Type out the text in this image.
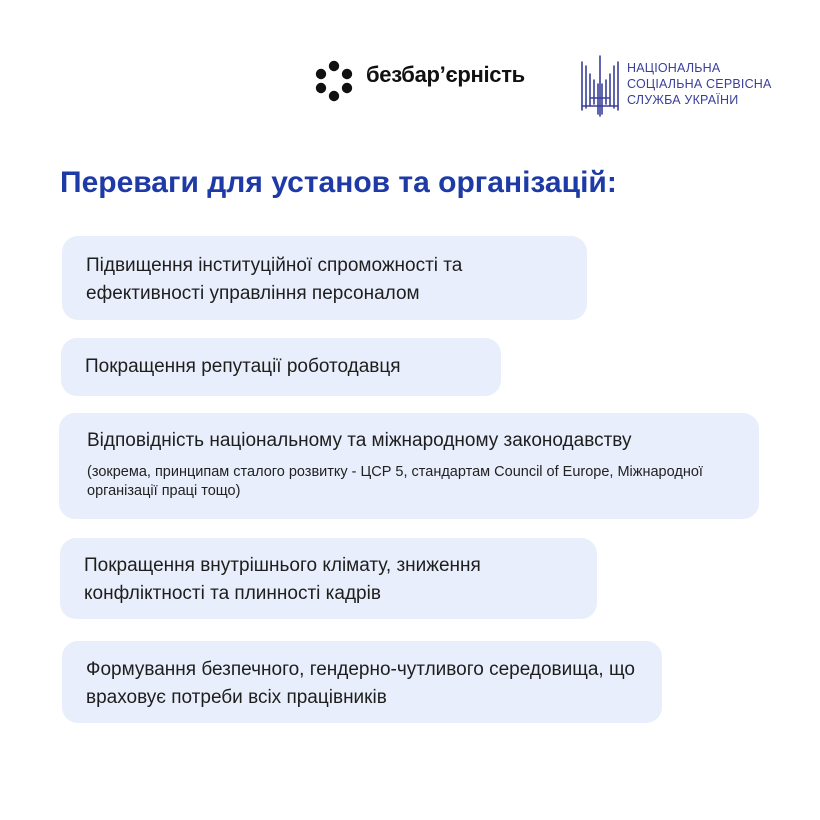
безбар’єрність	НАЦІОНАЛЬНА
СОЦІАЛЬНА СЕРВІСНА
СЛУЖБА УКРАЇНИ
Переваги для установ та організацій:
Підвищення інституційної спроможності та ефективності управління персоналом
Покращення репутації роботодавця
Відповідність національному та міжнародному законодавству
(зокрема, принципам сталого розвитку - ЦСР 5, стандартам Council of Europe, Міжнародної організації праці тощо)
Покращення внутрішнього клімату, зниження конфліктності та плинності кадрів
Формування безпечного, гендерно-чутливого середовища, що враховує потреби всіх працівників
